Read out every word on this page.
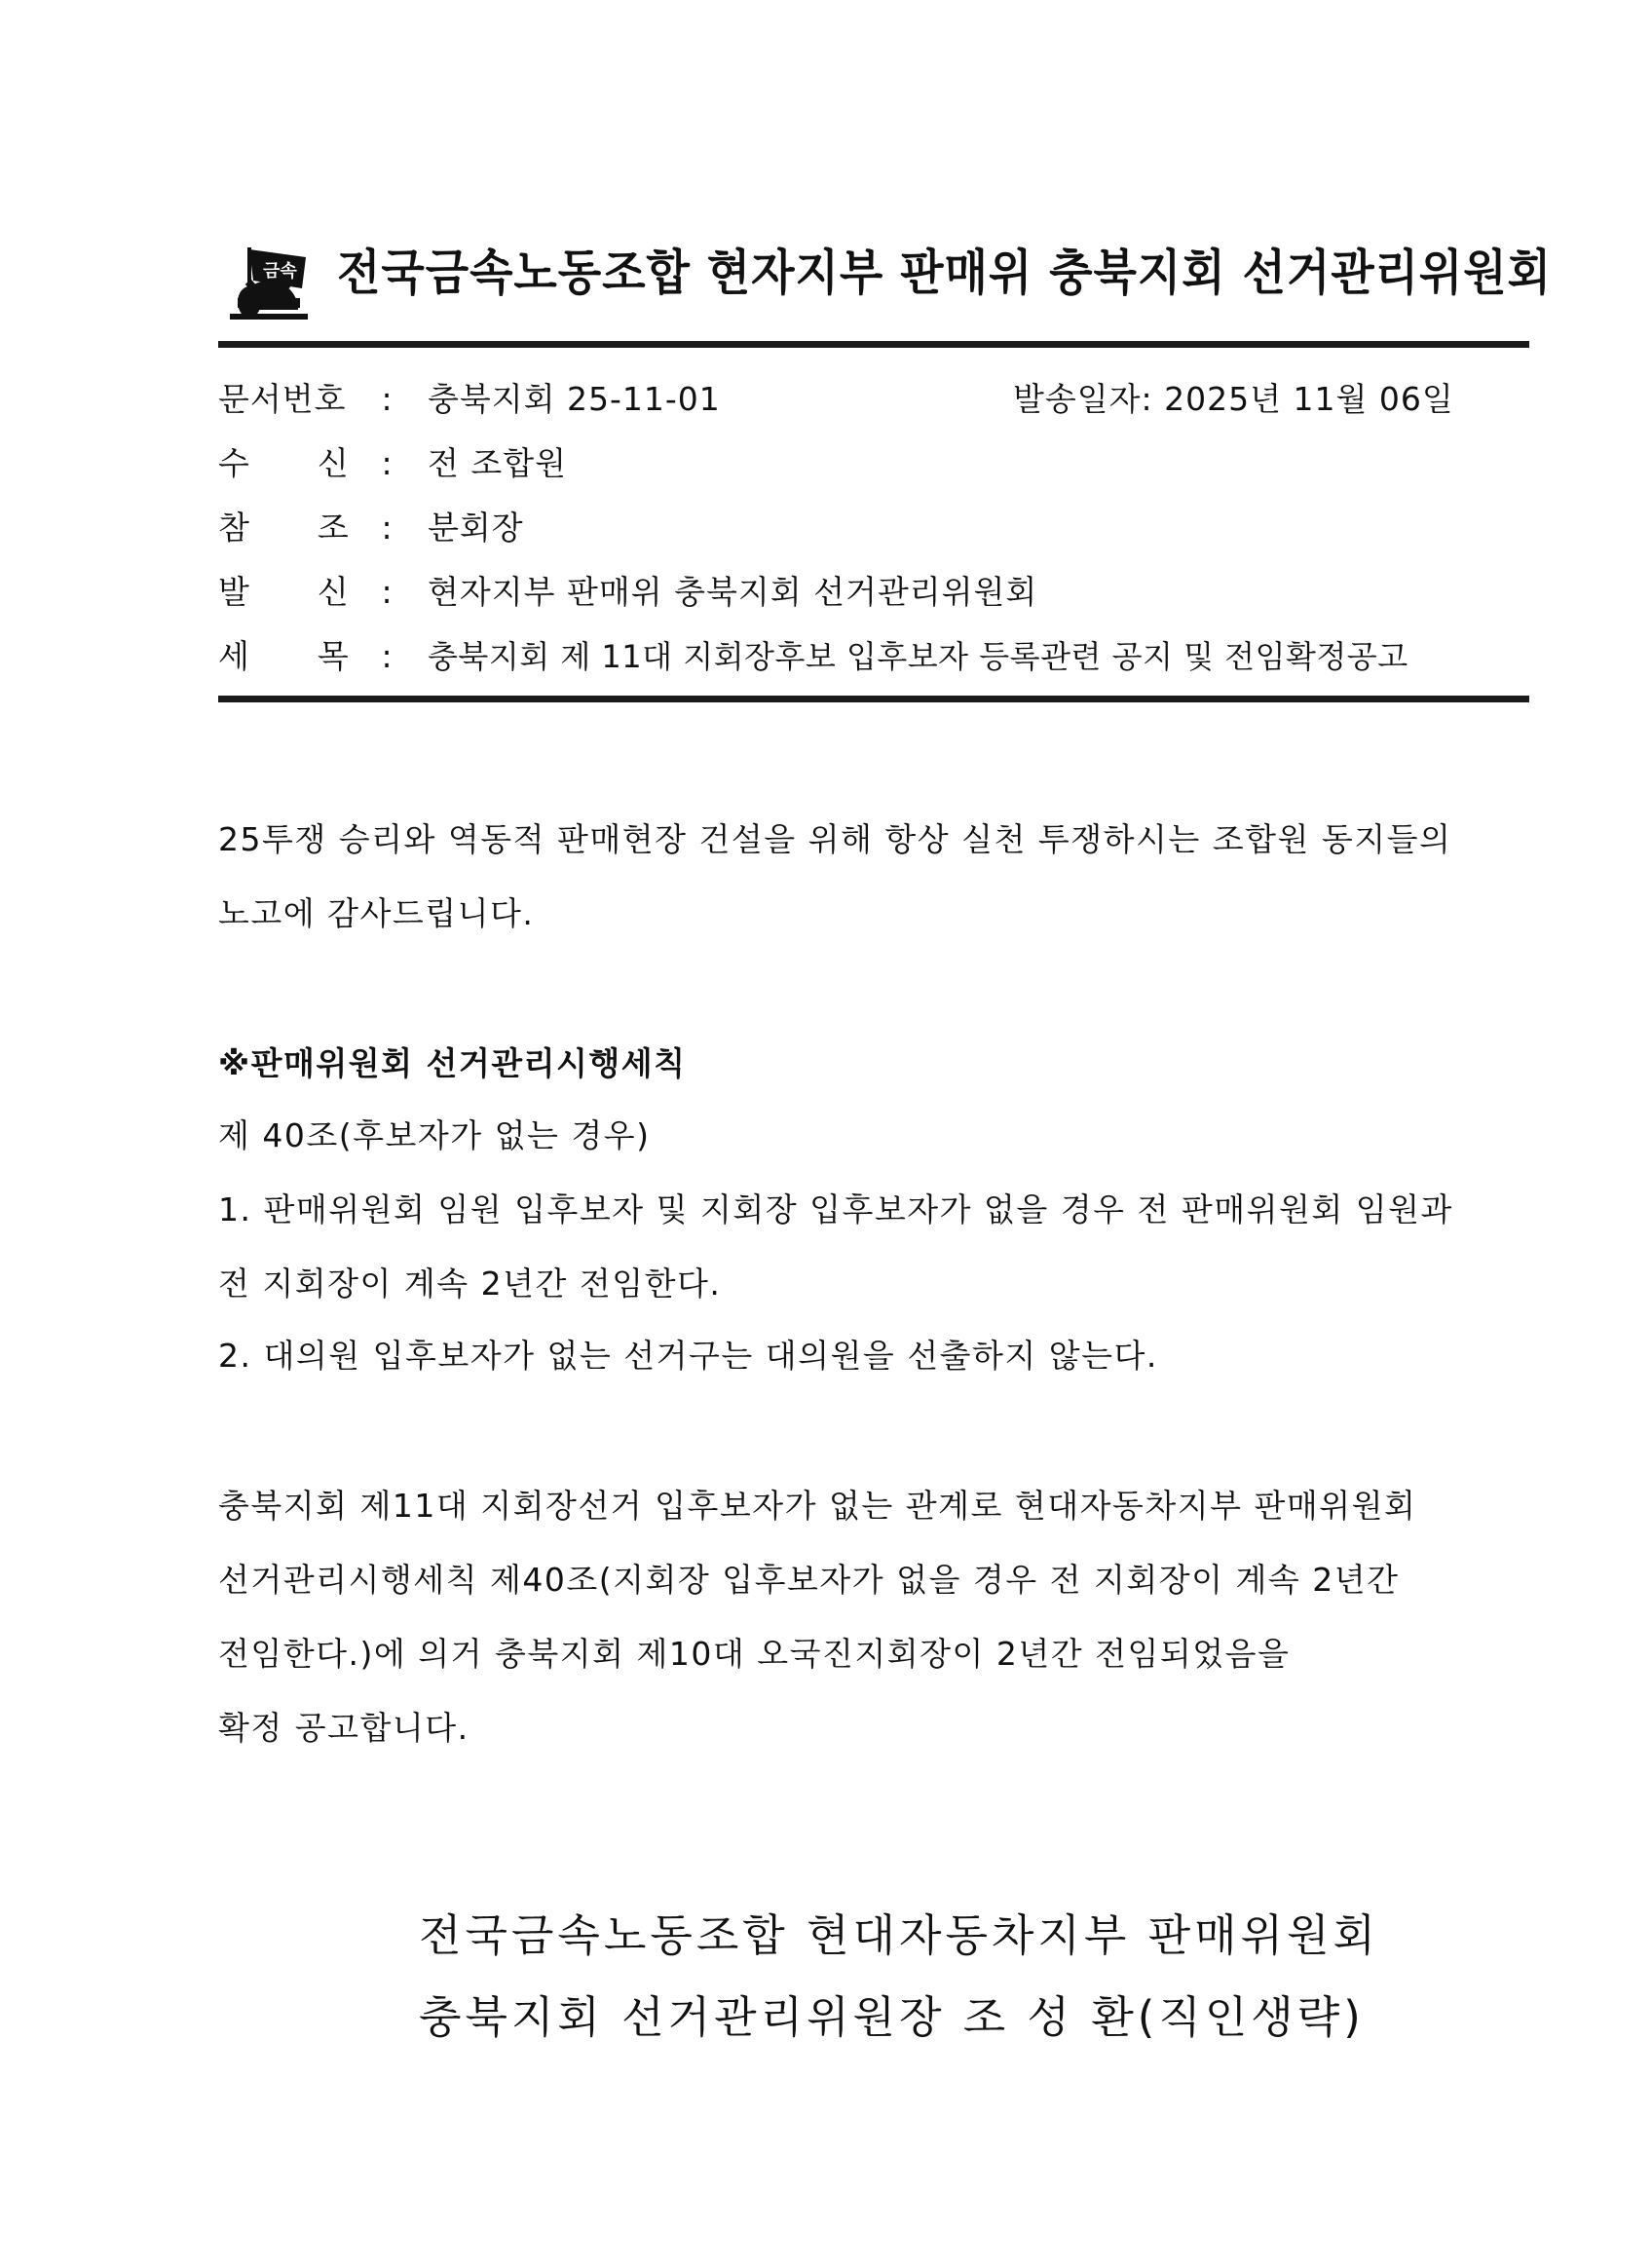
금속 전국금속노동조합 현자지부 판매위 충북지회 선거관리위원회
문서번호 : 충북지회 25-11-01	발송일자: 2025년 11월 06일
수      신 : 전 조합원
참      조 : 분회장
발      신 : 현자지부 판매위 충북지회 선거관리위원회
세      목 : 충북지회 제 11대 지회장후보 입후보자 등록관련 공지 및 전임확정공고
25투쟁 승리와 역동적 판매현장 건설을 위해 항상 실천 투쟁하시는 조합원 동지들의
노고에 감사드립니다.
※판매위원회 선거관리시행세칙
제 40조(후보자가 없는 경우)
1. 판매위원회 임원 입후보자 및 지회장 입후보자가 없을 경우 전 판매위원회 임원과
전 지회장이 계속 2년간 전임한다.
2. 대의원 입후보자가 없는 선거구는 대의원을 선출하지 않는다.
충북지회 제11대 지회장선거 입후보자가 없는 관계로 현대자동차지부 판매위원회
선거관리시행세칙 제40조(지회장 입후보자가 없을 경우 전 지회장이 계속 2년간
전임한다.)에 의거 충북지회 제10대 오국진지회장이 2년간 전임되었음을
확정 공고합니다.
전국금속노동조합 현대자동차지부 판매위원회
충북지회 선거관리위원장 조 성 환(직인생략)
